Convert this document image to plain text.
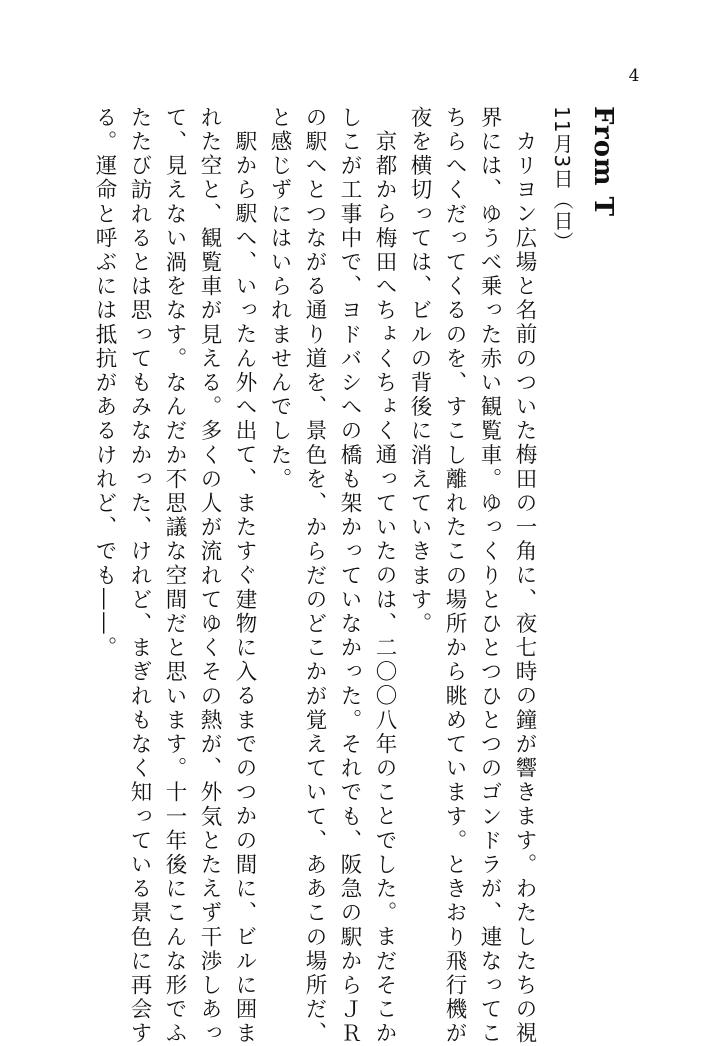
4
From T
11月3日（日）
カリヨン広場と名前のついた梅田の一角に、夜七時の鐘が響きます。わたしたちの視
界には、ゆうべ乗った赤い観覧車。ゆっくりとひとつひとつのゴンドラが、連なってこ
ちらへくだってくるのを、すこし離れたこの場所から眺めています。ときおり飛行機が
夜を横切っては、ビルの背後に消えていきます。
京都から梅田へちょくちょく通っていたのは、二〇〇八年のことでした。まだそこか
しこが工事中で、ヨドバシへの橋も架かっていなかった。それでも、阪急の駅からＪＲ
の駅へとつながる通り道を、景色を、からだのどこかが覚えていて、ああこの場所だ、
と感じずにはいられませんでした。
駅から駅へ、いったん外へ出て、またすぐ建物に入るまでのつかの間に、ビルに囲ま
れた空と、観覧車が見える。多くの人が流れてゆくその熱が、外気とたえず干渉しあっ
て、見えない渦をなす。なんだか不思議な空間だと思います。十一年後にこんな形でふ
たたび訪れるとは思ってもみなかった、けれど、まぎれもなく知っている景色に再会す
る。運命と呼ぶには抵抗があるけれど、でも――。
